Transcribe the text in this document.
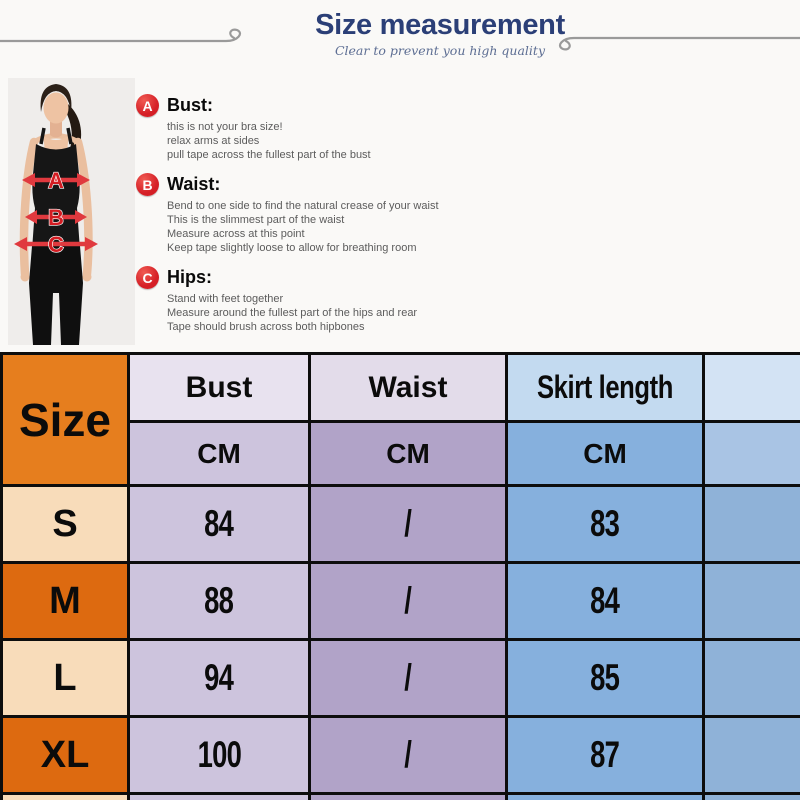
Size measurement
Clear to prevent you high quality
A
B
C
A Bust:
this is not your bra size!
relax arms at sides
pull tape across the fullest part of the bust
B Waist:
Bend to one side to find the natural crease of your waist
This is the slimmest part of the waist
Measure across at this point
Keep tape slightly loose to allow for breathing room
C Hips:
Stand with feet together
Measure around the fullest part of the hips and rear
Tape should brush across both hipbones
Size	Bust	Waist	Skirt length	
	CM	CM	CM	
S	84	/	83	
M	88	/	84	
L	94	/	85	
XL	100	/	87	
